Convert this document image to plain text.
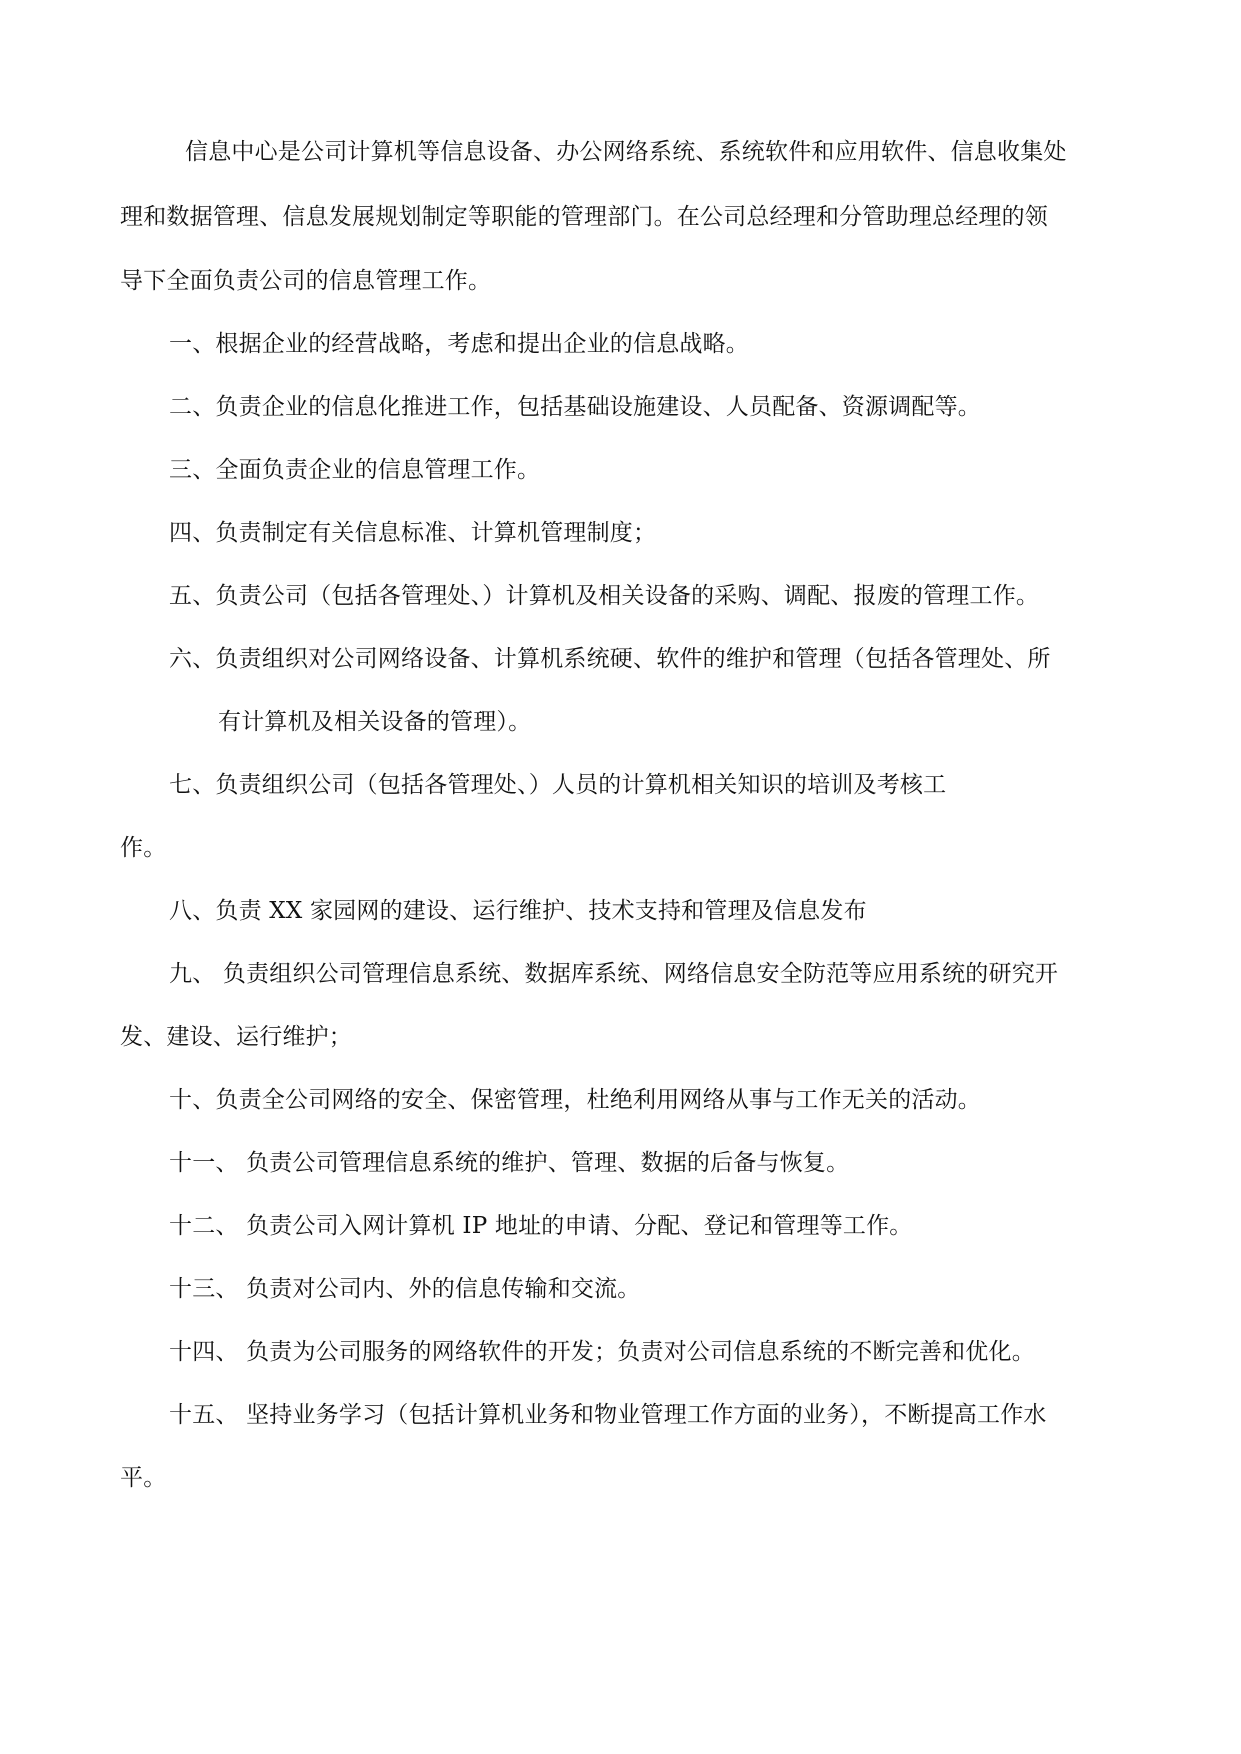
信息中心是公司计算机等信息设备、办公网络系统、系统软件和应用软件、信息收集处
理和数据管理、信息发展规划制定等职能的管理部门。在公司总经理和分管助理总经理的领
导下全面负责公司的信息管理工作。
一、根据企业的经营战略，考虑和提出企业的信息战略。
二、负责企业的信息化推进工作，包括基础设施建设、人员配备、资源调配等。
三、全面负责企业的信息管理工作。
四、负责制定有关信息标准、计算机管理制度；
五、负责公司（包括各管理处、）计算机及相关设备的采购、调配、报废的管理工作。
六、负责组织对公司网络设备、计算机系统硬、软件的维护和管理（包括各管理处、所
有计算机及相关设备的管理）。
七、负责组织公司（包括各管理处、）人员的计算机相关知识的培训及考核工
作。
八、负责 XX 家园网的建设、运行维护、技术支持和管理及信息发布
九、 负责组织公司管理信息系统、数据库系统、网络信息安全防范等应用系统的研究开
发、建设、运行维护；
十、负责全公司网络的安全、保密管理，杜绝利用网络从事与工作无关的活动。
十一、 负责公司管理信息系统的维护、管理、数据的后备与恢复。
十二、 负责公司入网计算机 IP 地址的申请、分配、登记和管理等工作。
十三、 负责对公司内、外的信息传输和交流。
十四、 负责为公司服务的网络软件的开发；负责对公司信息系统的不断完善和优化。
十五、 坚持业务学习（包括计算机业务和物业管理工作方面的业务），不断提高工作水
平。
